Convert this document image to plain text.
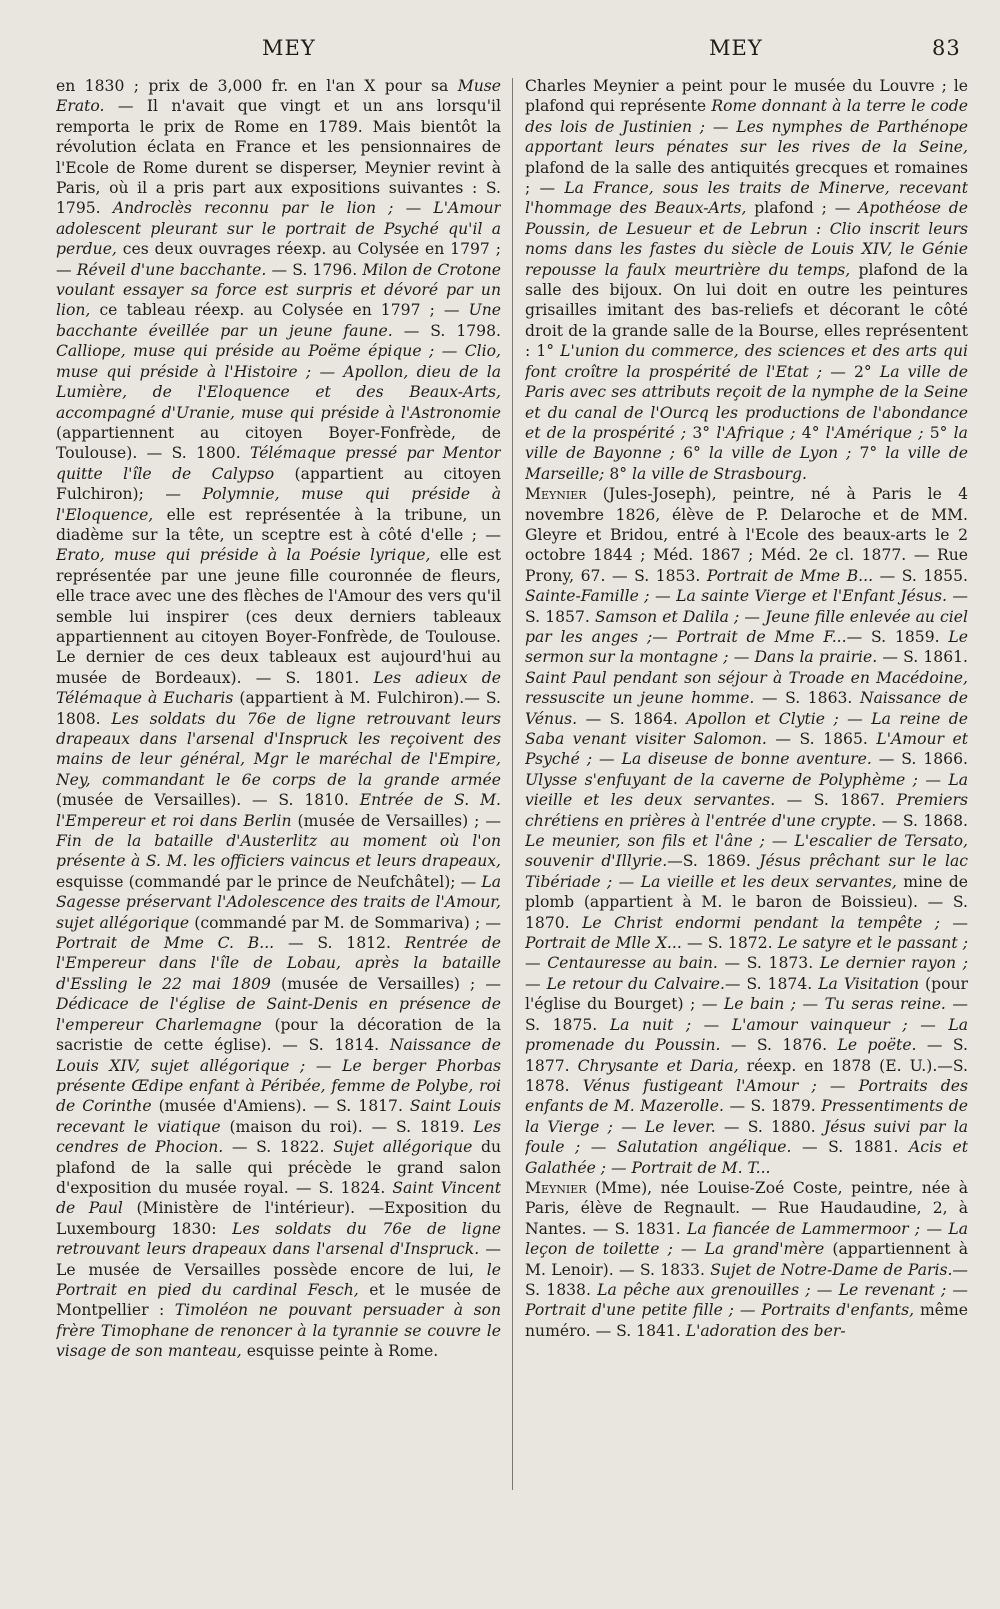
MEY	MEY	83

en 1830 ; prix de 3,000 fr. en l'an X pour sa Muse Erato. — Il n'avait que vingt et un ans lorsqu'il remporta le prix de Rome en 1789. Mais bientôt la révolution éclata en France et les pensionnaires de l'Ecole de Rome durent se disperser, Meynier revint à Paris, où il a pris part aux expositions suivantes : S. 1795. Androclès reconnu par le lion ; — L'Amour adolescent pleurant sur le portrait de Psyché qu'il a perdue, ces deux ouvrages réexp. au Colysée en 1797 ; — Réveil d'une bacchante. — S. 1796. Milon de Crotone voulant essayer sa force est surpris et dévoré par un lion, ce tableau réexp. au Colysée en 1797 ; — Une bacchante éveillée par un jeune faune. — S. 1798. Calliope, muse qui préside au Poëme épique ; — Clio, muse qui préside à l'Histoire ; — Apollon, dieu de la Lumière, de l'Eloquence et des Beaux-Arts, accompagné d'Uranie, muse qui préside à l'Astronomie (appartiennent au citoyen Boyer-Fonfrède, de Toulouse). — S. 1800. Télémaque pressé par Mentor quitte l'île de Calypso (appartient au citoyen Fulchiron); — Polymnie, muse qui préside à l'Eloquence, elle est représentée à la tribune, un diadème sur la tête, un sceptre est à côté d'elle ; — Erato, muse qui préside à la Poésie lyrique, elle est représentée par une jeune fille couronnée de fleurs, elle trace avec une des flèches de l'Amour des vers qu'il semble lui inspirer (ces deux derniers tableaux appartiennent au citoyen Boyer-Fonfrède, de Toulouse. Le dernier de ces deux tableaux est aujourd'hui au musée de Bordeaux). — S. 1801. Les adieux de Télémaque à Eucharis (appartient à M. Fulchiron).— S. 1808. Les soldats du 76e de ligne retrouvant leurs drapeaux dans l'arsenal d'Inspruck les reçoivent des mains de leur général, Mgr le maréchal de l'Empire, Ney, commandant le 6e corps de la grande armée (musée de Versailles). — S. 1810. Entrée de S. M. l'Empereur et roi dans Berlin (musée de Versailles) ; — Fin de la bataille d'Austerlitz au moment où l'on présente à S. M. les officiers vaincus et leurs drapeaux, esquisse (commandé par le prince de Neufchâtel); — La Sagesse préservant l'Adolescence des traits de l'Amour, sujet allégorique (commandé par M. de Sommariva) ; — Portrait de Mme C. B... — S. 1812. Rentrée de l'Empereur dans l'île de Lobau, après la bataille d'Essling le 22 mai 1809 (musée de Versailles) ; — Dédicace de l'église de Saint-Denis en présence de l'empereur Charlemagne (pour la décoration de la sacristie de cette église). — S. 1814. Naissance de Louis XIV, sujet allégorique ; — Le berger Phorbas présente Œdipe enfant à Péribée, femme de Polybe, roi de Corinthe (musée d'Amiens). — S. 1817. Saint Louis recevant le viatique (maison du roi). — S. 1819. Les cendres de Phocion. — S. 1822. Sujet allégorique du plafond de la salle qui précède le grand salon d'exposition du musée royal. — S. 1824. Saint Vincent de Paul (Ministère de l'intérieur). —Exposition du Luxembourg 1830: Les soldats du 76e de ligne retrouvant leurs drapeaux dans l'arsenal d'Inspruck. — Le musée de Versailles possède encore de lui, le Portrait en pied du cardinal Fesch, et le musée de Montpellier : Timoléon ne pouvant persuader à son frère Timophane de renoncer à la tyrannie se couvre le visage de son manteau, esquisse peinte à Rome.

Charles Meynier a peint pour le musée du Louvre ; le plafond qui représente Rome donnant à la terre le code des lois de Justinien ; — Les nymphes de Parthénope apportant leurs pénates sur les rives de la Seine, plafond de la salle des antiquités grecques et romaines ; — La France, sous les traits de Minerve, recevant l'hommage des Beaux-Arts, plafond ; — Apothéose de Poussin, de Lesueur et de Lebrun : Clio inscrit leurs noms dans les fastes du siècle de Louis XIV, le Génie repousse la faulx meurtrière du temps, plafond de la salle des bijoux. On lui doit en outre les peintures grisailles imitant des bas-reliefs et décorant le côté droit de la grande salle de la Bourse, elles représentent : 1° L'union du commerce, des sciences et des arts qui font croître la prospérité de l'Etat ; — 2° La ville de Paris avec ses attributs reçoit de la nymphe de la Seine et du canal de l'Ourcq les productions de l'abondance et de la prospérité ; 3° l'Afrique ; 4° l'Amérique ; 5° la ville de Bayonne ; 6° la ville de Lyon ; 7° la ville de Marseille; 8° la ville de Strasbourg.

Meynier (Jules-Joseph), peintre, né à Paris le 4 novembre 1826, élève de P. Delaroche et de MM. Gleyre et Bridou, entré à l'Ecole des beaux-arts le 2 octobre 1844 ; Méd. 1867 ; Méd. 2e cl. 1877. — Rue Prony, 67. — S. 1853. Portrait de Mme B... — S. 1855. Sainte-Famille ; — La sainte Vierge et l'Enfant Jésus. — S. 1857. Samson et Dalila ; — Jeune fille enlevée au ciel par les anges ;— Portrait de Mme F...— S. 1859. Le sermon sur la montagne ; — Dans la prairie. — S. 1861. Saint Paul pendant son séjour à Troade en Macédoine, ressuscite un jeune homme. — S. 1863. Naissance de Vénus. — S. 1864. Apollon et Clytie ; — La reine de Saba venant visiter Salomon. — S. 1865. L'Amour et Psyché ; — La diseuse de bonne aventure. — S. 1866. Ulysse s'enfuyant de la caverne de Polyphème ; — La vieille et les deux servantes. — S. 1867. Premiers chrétiens en prières à l'entrée d'une crypte. — S. 1868. Le meunier, son fils et l'âne ; — L'escalier de Tersato, souvenir d'Illyrie.—S. 1869. Jésus prêchant sur le lac Tibériade ; — La vieille et les deux servantes, mine de plomb (appartient à M. le baron de Boissieu). — S. 1870. Le Christ endormi pendant la tempête ; — Portrait de Mlle X... — S. 1872. Le satyre et le passant ; — Centauresse au bain. — S. 1873. Le dernier rayon ; — Le retour du Calvaire.— S. 1874. La Visitation (pour l'église du Bourget) ; — Le bain ; — Tu seras reine. — S. 1875. La nuit ; — L'amour vainqueur ; — La promenade du Poussin. — S. 1876. Le poëte. — S. 1877. Chrysante et Daria, réexp. en 1878 (E. U.).—S. 1878. Vénus fustigeant l'Amour ; — Portraits des enfants de M. Mazerolle. — S. 1879. Pressentiments de la Vierge ; — Le lever. — S. 1880. Jésus suivi par la foule ; — Salutation angélique. — S. 1881. Acis et Galathée ; — Portrait de M. T...

Meynier (Mme), née Louise-Zoé Coste, peintre, née à Paris, élève de Regnault. — Rue Haudaudine, 2, à Nantes. — S. 1831. La fiancée de Lammermoor ; — La leçon de toilette ; — La grand'mère (appartiennent à M. Lenoir). — S. 1833. Sujet de Notre-Dame de Paris.—S. 1838. La pêche aux grenouilles ; — Le revenant ; — Portrait d'une petite fille ; — Portraits d'enfants, même numéro. — S. 1841. L'adoration des ber-
